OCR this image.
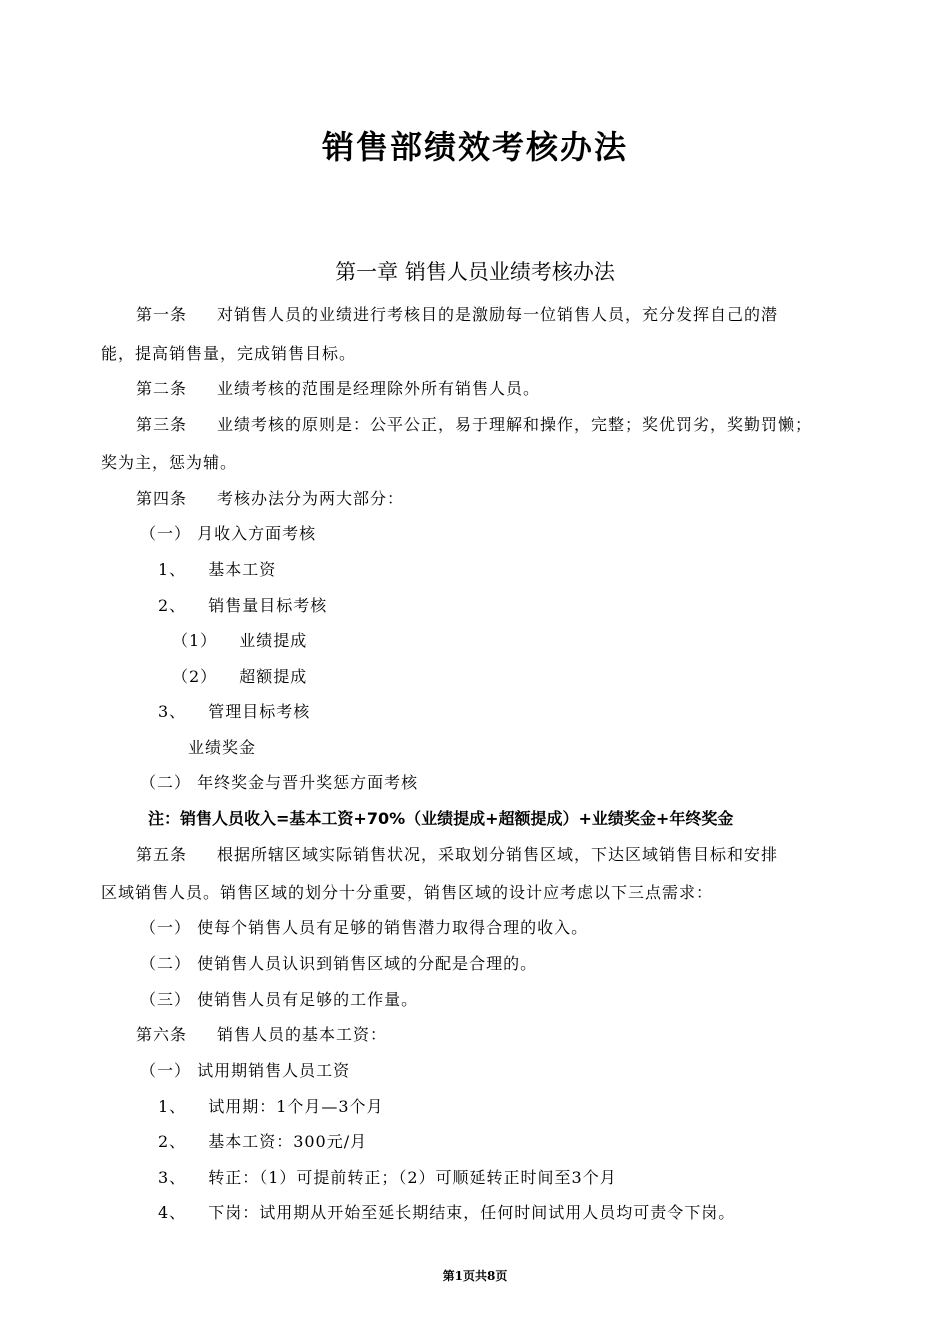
销售部绩效考核办法
第一章 销售人员业绩考核办法
第一条 对销售人员的业绩进行考核目的是激励每一位销售人员，充分发挥自己的潜
能，提高销售量，完成销售目标。
第二条 业绩考核的范围是经理除外所有销售人员。
第三条 业绩考核的原则是：公平公正，易于理解和操作，完整；奖优罚劣，奖勤罚懒；
奖为主，惩为辅。
第四条 考核办法分为两大部分：
（一） 月收入方面考核
1、 基本工资
2、 销售量目标考核
（1） 业绩提成
（2） 超额提成
3、 管理目标考核
业绩奖金
（二） 年终奖金与晋升奖惩方面考核
注：销售人员收入=基本工资+70%（业绩提成+超额提成）+业绩奖金+年终奖金
第五条 根据所辖区域实际销售状况，采取划分销售区域，下达区域销售目标和安排
区域销售人员。销售区域的划分十分重要，销售区域的设计应考虑以下三点需求：
（一） 使每个销售人员有足够的销售潜力取得合理的收入。
（二） 使销售人员认识到销售区域的分配是合理的。
（三） 使销售人员有足够的工作量。
第六条 销售人员的基本工资：
（一） 试用期销售人员工资
1、 试用期：1个月—3个月
2、 基本工资：300元/月
3、 转正：（1）可提前转正；（2）可顺延转正时间至3个月
4、 下岗：试用期从开始至延长期结束，任何时间试用人员均可责令下岗。
第1页共8页
